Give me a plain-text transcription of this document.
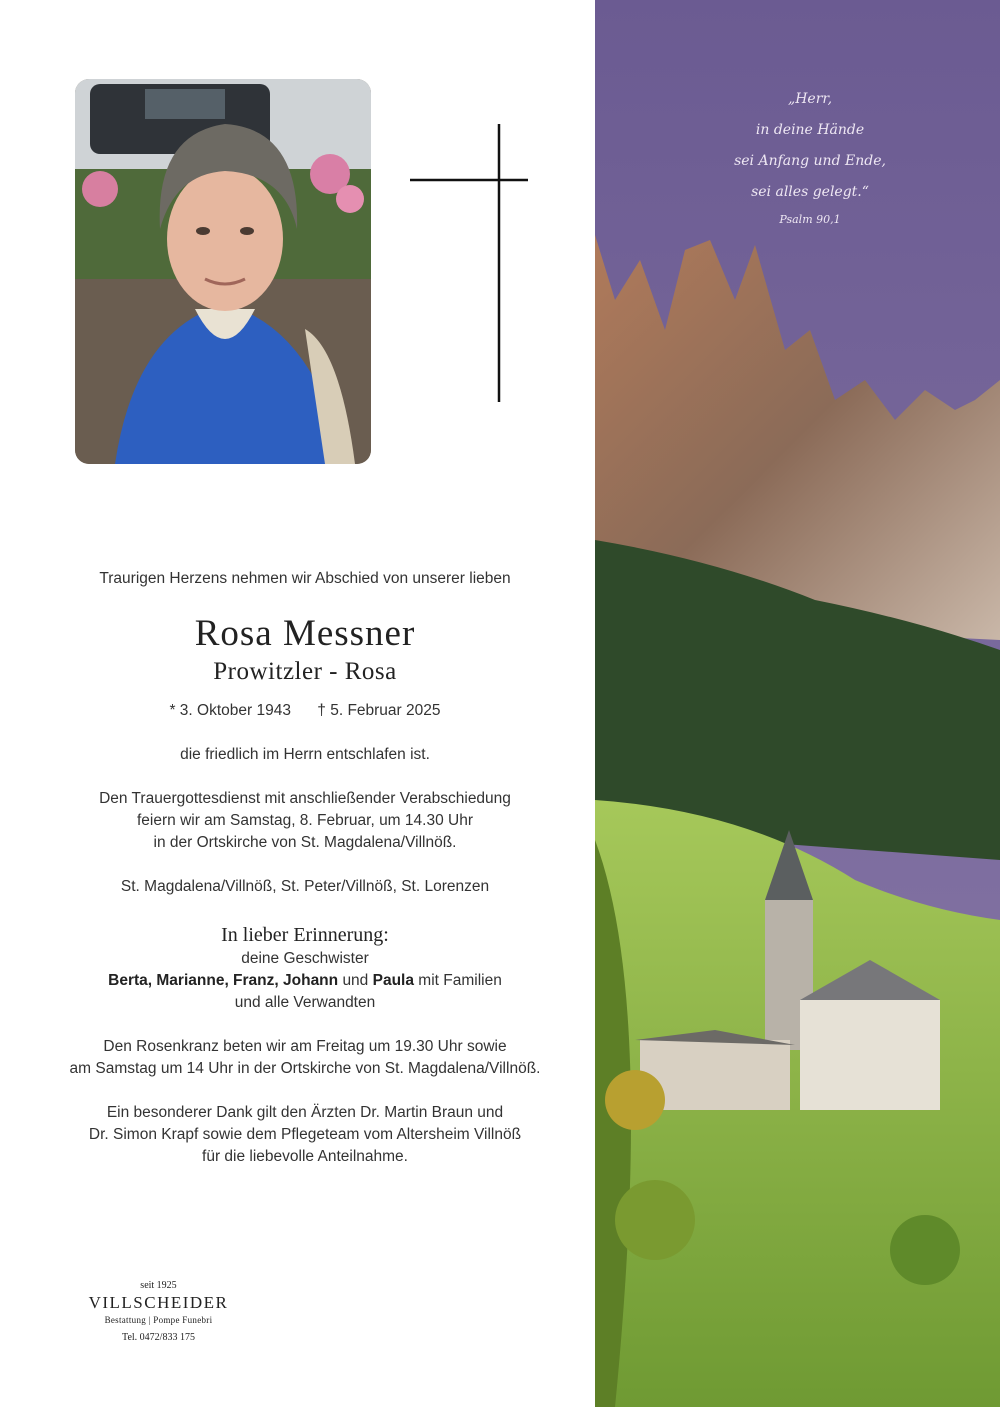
Traurigen Herzens nehmen wir Abschied von unserer lieben

Rosa Messner

Prowitzler - Rosa

* 3. Oktober 1943 † 5. Februar 2025

die friedlich im Herrn entschlafen ist.

Den Trauergottesdienst mit anschließender Verabschiedung

feiern wir am Samstag, 8. Februar, um 14.30 Uhr

in der Ortskirche von St. Magdalena/Villnöß.

St. Magdalena/Villnöß, St. Peter/Villnöß, St. Lorenzen

In lieber Erinnerung:

deine Geschwister

Berta, Marianne, Franz, Johann und Paula mit Familien

und alle Verwandten

Den Rosenkranz beten wir am Freitag um 19.30 Uhr sowie

am Samstag um 14 Uhr in der Ortskirche von St. Magdalena/Villnöß.

Ein besonderer Dank gilt den Ärzten Dr. Martin Braun und

Dr. Simon Krapf sowie dem Pflegeteam vom Altersheim Villnöß

für die liebevolle Anteilnahme.

seit 1925
VILLSCHEIDER
Bestattung | Pompe Funebri
Tel. 0472/833 175
„Herr,
in deine Hände
sei Anfang und Ende,
sei alles gelegt.“
Psalm 90,1
